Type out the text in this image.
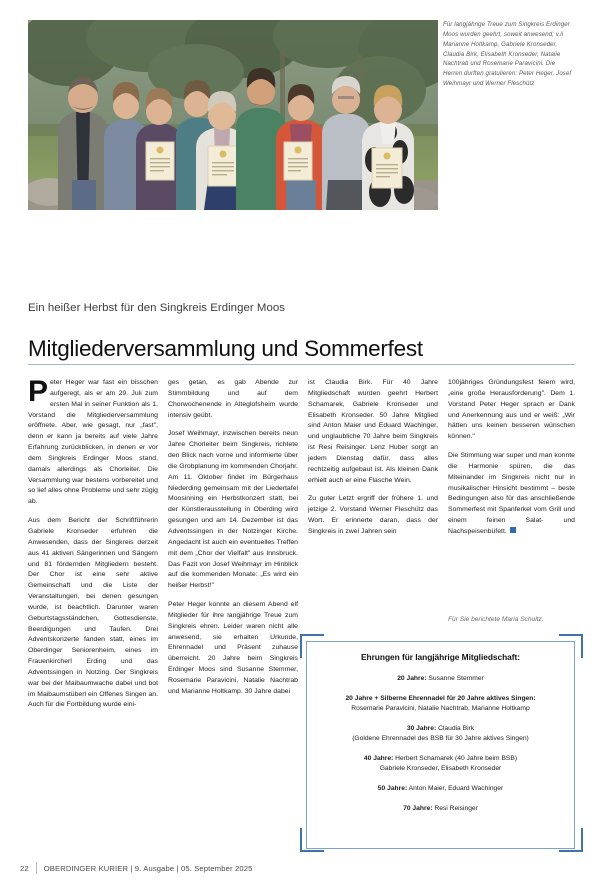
Für langjährige Treue zum Singkreis Erdinger Moos wurden geehrt, soweit anwesend; v.li Marianne Holtkamp, Gabriele Kronseder, Claudia Birk, Elisabeth Kronseder, Natalie Nachtrab und Rosemarie Paravicini. Die Herren durften gratulieren: Peter Heger, Josef Weihmayr und Werner Fleschütz
Ein heißer Herbst für den Singkreis Erdinger Moos
Mitgliederversammlung und Sommerfest

Peter Heger war fast ein bisschen aufgeregt, als er am 29. Juli zum ersten Mal in seiner Funktion als 1. Vorstand die Mitgliederversammlung eröffnete. Aber, wie gesagt, nur „fast", denn er kann ja bereits auf viele Jahre Erfahrung zurückblicken, in denen er vor dem Singkreis Erdinger Moos stand, damals allerdings als Chorleiter. Die Versammlung war bestens vorbereitet und so lief alles ohne Probleme und sehr zügig ab.

Aus dem Bericht der Schriftführerin Gabriele Kronseder erfuhren die Anwesenden, dass der Singkreis derzeit aus 41 aktiven Sängerinnen und Sängern und 81 fördernden Mitgliedern besteht. Der Chor ist eine sehr aktive Gemeinschaft und die Liste der Veranstaltungen, bei denen gesungen wurde, ist beachtlich. Darunter waren Geburtstagsständchen, Gottesdienste, Beerdigungen und Taufen. Drei Adventskonzerte fanden statt, eines im Oberdinger Seniorenheim, eines im Frauenkircherl Erding und das Adventssingen in Notzing. Der Singkreis war bei der Maibaumwache dabei und bot im Maibaumstüberl ein Offenes Singen an. Auch für die Fortbildung wurde eini-

ges getan, es gab Abende zur Stimmbildung und auf dem Chorwochenende in Alteglofsheim wurde intensiv geübt.

Josef Weihmayr, inzwischen bereits neun Jahre Chorleiter beim Singkreis, richtete den Blick nach vorne und informierte über die Grobplanung im kommenden Chorjahr. Am 11. Oktober findet im Bürgerhaus Niederding gemeinsam mit der Liedertafel Moosinning ein Herbstkonzert statt, bei der Künstlerausstellung in Oberding wird gesungen und am 14. Dezember ist das Adventssingen in der Notzinger Kirche. Angedacht ist auch ein eventuelles Treffen mit dem „Chor der Vielfalt" aus Innsbruck. Das Fazit von Josef Weihmayr im Hinblick auf die kommenden Monate: „Es wird ein heißer Herbst!"

Peter Heger konnte an diesem Abend elf Mitglieder für ihre langjährige Treue zum Singkreis ehren. Leider waren nicht alle anwesend, sie erhalten Urkunde, Ehrennadel und Präsent zuhause überreicht. 20 Jahre beim Singkreis Erdinger Moos sind Susanne Stemmer, Rosemarie Paravicini, Natalie Nachtrab und Marianne Holtkamp. 30 Jahre dabei

ist Claudia Birk. Für 40 Jahre Mitgliedschaft wurden geehrt Herbert Schamarek, Gabriele Kronseder und Elisabeth Kronseder. 50 Jahre Mitglied sind Anton Maier und Eduard Wachinger, und unglaubliche 70 Jahre beim Singkreis ist Resi Reisinger. Lenz Huber sorgt an jedem Dienstag dafür, dass alles rechtzeitig aufgebaut ist. Als kleinen Dank erhielt auch er eine Flasche Wein.

Zu guter Letzt ergriff der frühere 1. und jetzige 2. Vorstand Werner Fleschütz das Wort. Er erinnerte daran, dass der Singkreis in zwei Jahren sein

100jähriges Gründungsfest feiern wird, „eine große Herausforderung". Dem 1. Vorstand Peter Heger sprach er Dank und Anerkennung aus und er weiß: „Wir hätten uns keinen besseren wünschen können."

Die Stimmung war super und man konnte die Harmonie spüren, die das Miteinander im Singkreis nicht nur in musikalischer Hinsicht bestimmt – beste Bedingungen also für das anschließende Sommerfest mit Spanferkel vom Grill und einem feinen Salat- und Nachspeisenbüfett.

Für Sie berichtete Maria Schultz.
Ehrungen für langjährige Mitgliedschaft:
20 Jahre: Susanne Stemmer
20 Jahre + Silberne Ehrennadel für 20 Jahre aktives Singen:
Rosemarie Paravicini, Natalie Nachtrab, Marianne Holtkamp
30 Jahre: Claudia Birk
(Goldene Ehrennadel des BSB für 30 Jahre aktives Singen)
40 Jahre: Herbert Schamarek (40 Jahre beim BSB)
Gabriele Kronseder, Elisabeth Kronseder
50 Jahre: Anton Maier, Eduard Wachinger
70 Jahre: Resi Reisinger
22 OBERDINGER KURIER | 9. Ausgabe | 05. September 2025
